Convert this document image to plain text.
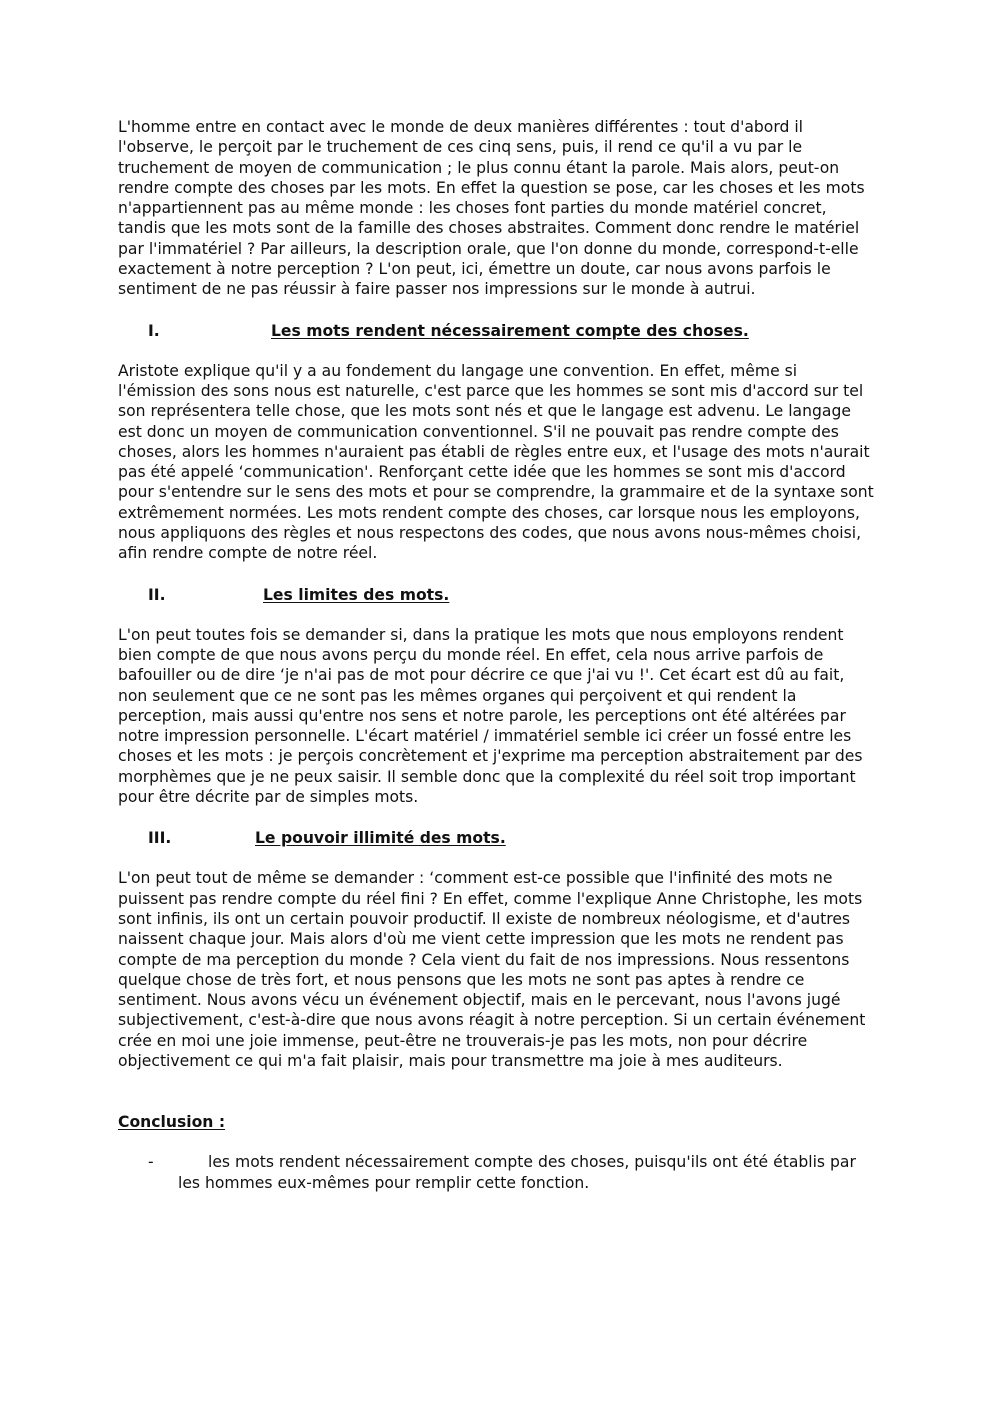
L'homme entre en contact avec le monde de deux manières différentes : tout d'abord il l'observe, le perçoit par le truchement de ces cinq sens, puis, il rend ce qu'il a vu par le truchement de moyen de communication ; le plus connu étant la parole. Mais alors, peut-on rendre compte des choses par les mots. En effet la question se pose, car les choses et les mots n'appartiennent pas au même monde : les choses font parties du monde matériel concret, tandis que les mots sont de la famille des choses abstraites. Comment donc rendre le matériel par l'immatériel ? Par ailleurs, la description orale, que l'on donne du monde, correspond-t-elle exactement à notre perception ? L'on peut, ici, émettre un doute, car nous avons parfois le sentiment de ne pas réussir à faire passer nos impressions sur le monde à autrui.

I.	Les mots rendent nécessairement compte des choses.

Aristote explique qu'il y a au fondement du langage une convention. En effet, même si l'émission des sons nous est naturelle, c'est parce que les hommes se sont mis d'accord sur tel son représentera telle chose, que les mots sont nés et que le langage est advenu. Le langage est donc un moyen de communication conventionnel. S'il ne pouvait pas rendre compte des choses, alors les hommes n'auraient pas établi de règles entre eux, et l'usage des mots n'aurait pas été appelé ‘communication'. Renforçant cette idée que les hommes se sont mis d'accord pour s'entendre sur le sens des mots et pour se comprendre, la grammaire et de la syntaxe sont extrêmement normées. Les mots rendent compte des choses, car lorsque nous les employons, nous appliquons des règles et nous respectons des codes, que nous avons nous-mêmes choisi, afin rendre compte de notre réel.

II.	Les limites des mots.

L'on peut toutes fois se demander si, dans la pratique les mots que nous employons rendent bien compte de que nous avons perçu du monde réel. En effet, cela nous arrive parfois de bafouiller ou de dire ‘je n'ai pas de mot pour décrire ce que j'ai vu !'. Cet écart est dû au fait, non seulement que ce ne sont pas les mêmes organes qui perçoivent et qui rendent la perception, mais aussi qu'entre nos sens et notre parole, les perceptions ont été altérées par notre impression personnelle. L'écart matériel / immatériel semble ici créer un fossé entre les choses et les mots : je perçois concrètement et j'exprime ma perception abstraitement par des morphèmes que je ne peux saisir. Il semble donc que la complexité du réel soit trop important pour être décrite par de simples mots.

III.	Le pouvoir illimité des mots.

L'on peut tout de même se demander : ‘comment est-ce possible que l'infinité des mots ne puissent pas rendre compte du réel fini ? En effet, comme l'explique Anne Christophe, les mots sont infinis, ils ont un certain pouvoir productif. Il existe de nombreux néologisme, et d'autres naissent chaque jour. Mais alors d'où me vient cette impression que les mots ne rendent pas compte de ma perception du monde ? Cela vient du fait de nos impressions. Nous ressentons quelque chose de très fort, et nous pensons que les mots ne sont pas aptes à rendre ce sentiment. Nous avons vécu un événement objectif, mais en le percevant, nous l'avons jugé subjectivement, c'est-à-dire que nous avons réagit à notre perception. Si un certain événement crée en moi une joie immense, peut-être ne trouverais-je pas les mots, non pour décrire objectivement ce qui m'a fait plaisir, mais pour transmettre ma joie à mes auditeurs.

Conclusion :
-	les mots rendent nécessairement compte des choses, puisqu'ils ont été établis par les hommes eux-mêmes pour remplir cette fonction.
